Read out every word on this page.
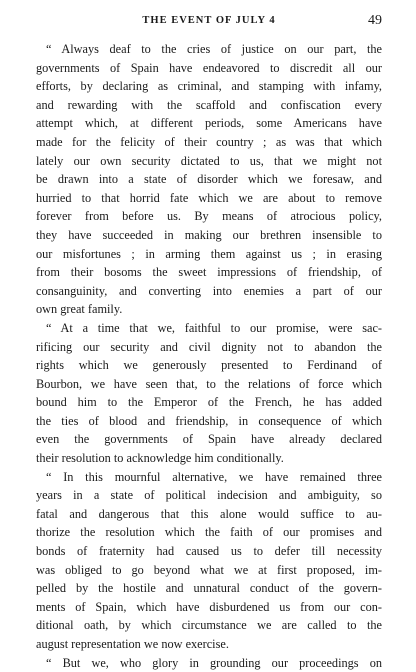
THE EVENT OF JULY 4	49

“ Always deaf to the cries of justice on our part, the
governments of Spain have endeavored to discredit all our
efforts, by declaring as criminal, and stamping with infamy,
and rewarding with the scaffold and confiscation every
attempt which, at different periods, some Americans have
made for the felicity of their country ; as was that which
lately our own security dictated to us, that we might not
be drawn into a state of disorder which we foresaw, and
hurried to that horrid fate which we are about to remove
forever from before us. By means of atrocious policy,
they have succeeded in making our brethren insensible to
our misfortunes ; in arming them against us ; in erasing
from their bosoms the sweet impressions of friendship, of
consanguinity, and converting into enemies a part of our
own great family.

“ At a time that we, faithful to our promise, were sac-
rificing our security and civil dignity not to abandon the
rights which we generously presented to Ferdinand of
Bourbon, we have seen that, to the relations of force which
bound him to the Emperor of the French, he has added
the ties of blood and friendship, in consequence of which
even the governments of Spain have already declared
their resolution to acknowledge him conditionally.

“ In this mournful alternative, we have remained three
years in a state of political indecision and ambiguity, so
fatal and dangerous that this alone would suffice to au-
thorize the resolution which the faith of our promises and
bonds of fraternity had caused us to defer till necessity
was obliged to go beyond what we at first proposed, im-
pelled by the hostile and unnatural conduct of the govern-
ments of Spain, which have disburdened us from our con-
ditional oath, by which circumstance we are called to the
august representation we now exercise.

“ But we, who glory in grounding our proceedings on
